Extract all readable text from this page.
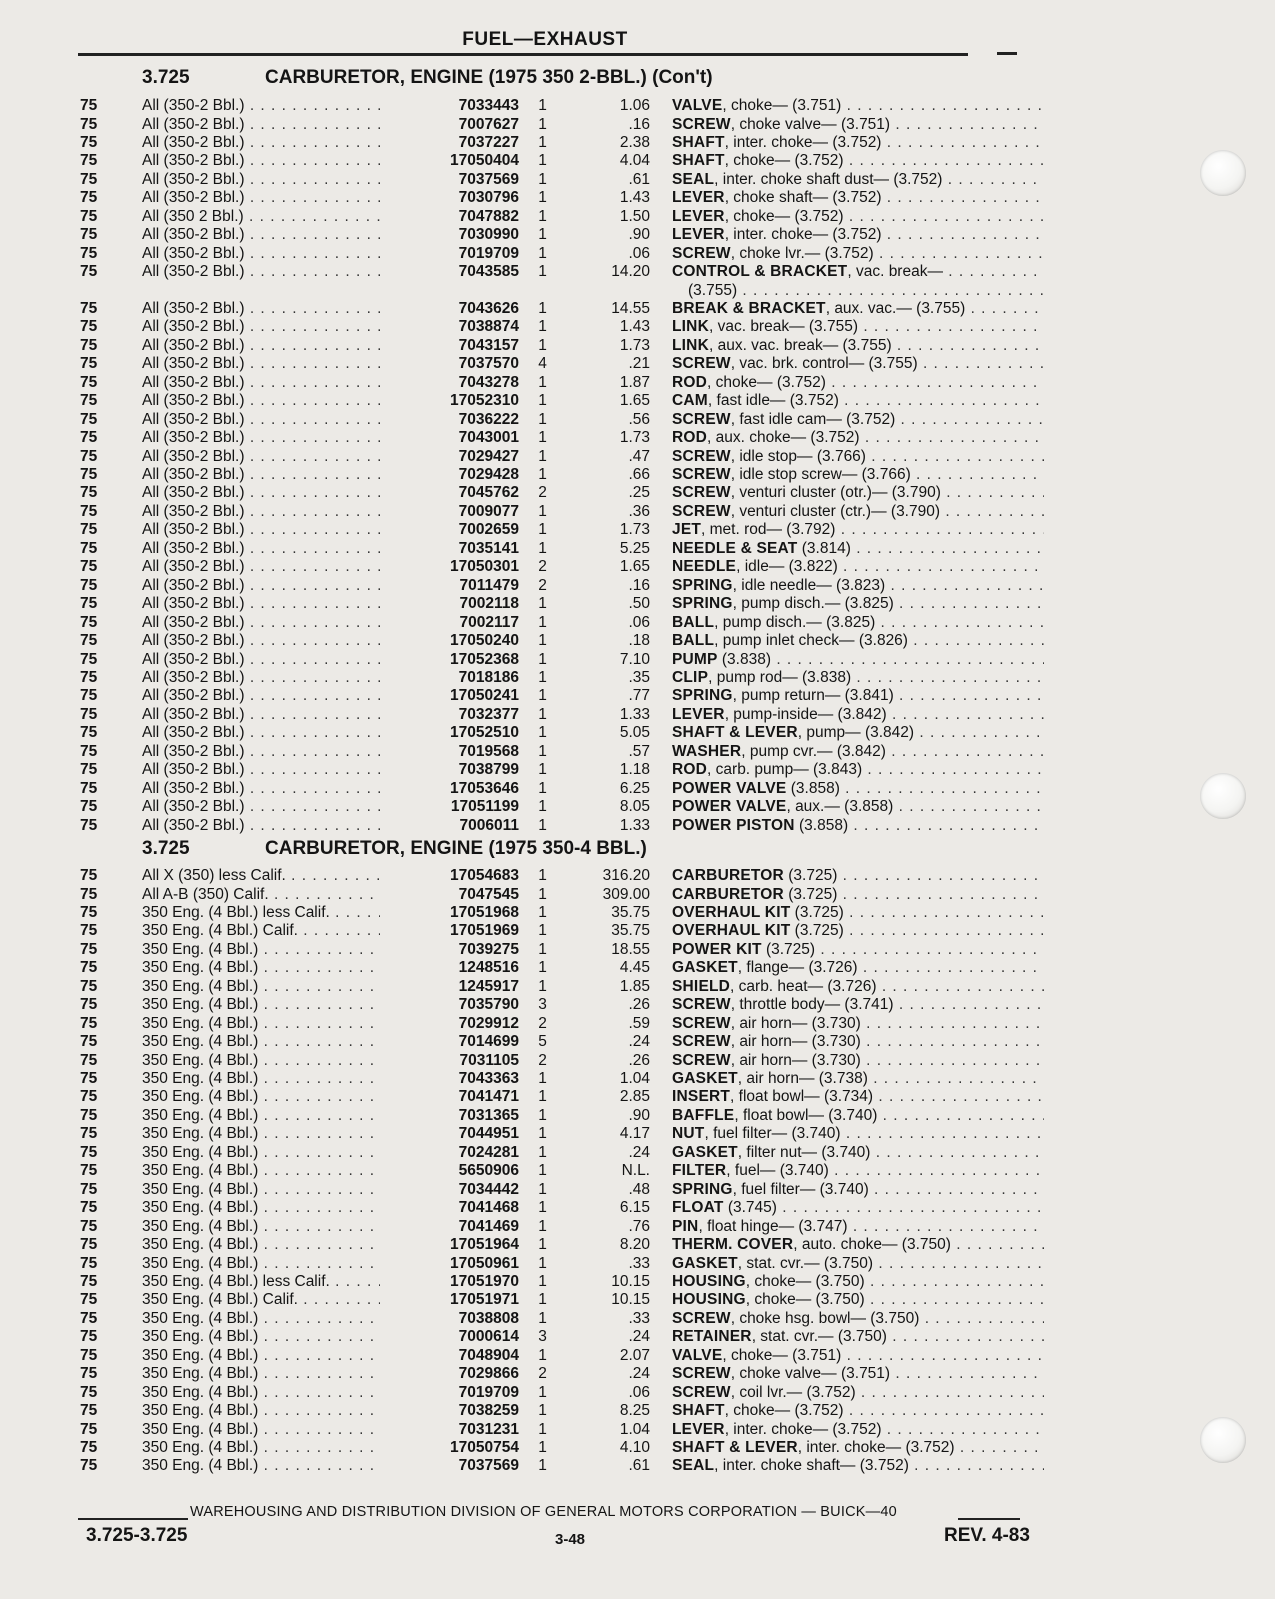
FUEL—EXHAUST
3.725	CARBURETOR, ENGINE (1975 350 2-BBL.) (Con't)
75	All (350-2 Bbl.) . . .	7033443 1	1.06 VALVE, choke— (3.751) . . .
75	All (350-2 Bbl.) . . .	7007627 1	.16 SCREW, choke valve— (3.751) . . .
75	All (350-2 Bbl.) . . .	7037227 1	2.38 SHAFT, inter. choke— (3.752) . . .
75	All (350-2 Bbl.) . . .	17050404 1	4.04 SHAFT, choke— (3.752) . . .
75	All (350-2 Bbl.) . . .	7037569 1	.61 SEAL, inter. choke shaft dust— (3.752) . . .
75	All (350-2 Bbl.) . . .	7030796 1	1.43 LEVER, choke shaft— (3.752) . . .
75	All (350 2 Bbl.) . . .	7047882 1	1.50 LEVER, choke— (3.752) . . .
75	All (350-2 Bbl.) . . .	7030990 1	.90 LEVER, inter. choke— (3.752) . . .
75	All (350-2 Bbl.) . . .	7019709 1	.06 SCREW, choke lvr.— (3.752) . . .
75	All (350-2 Bbl.) . . .	7043585 1	14.20 CONTROL & BRACKET, vac. break— . . .
(3.755) . . .
75	All (350-2 Bbl.) . . .	7043626 1	14.55 BREAK & BRACKET, aux. vac.— (3.755) . . .
75	All (350-2 Bbl.) . . .	7038874 1	1.43 LINK, vac. break— (3.755) . . .
75	All (350-2 Bbl.) . . .	7043157 1	1.73 LINK, aux. vac. break— (3.755) . . .
75	All (350-2 Bbl.) . . .	7037570 4	.21 SCREW, vac. brk. control— (3.755) . . .
75	All (350-2 Bbl.) . . .	7043278 1	1.87 ROD, choke— (3.752) . . .
75	All (350-2 Bbl.) . . .	17052310 1	1.65 CAM, fast idle— (3.752) . . .
75	All (350-2 Bbl.) . . .	7036222 1	.56 SCREW, fast idle cam— (3.752) . . .
75	All (350-2 Bbl.) . . .	7043001 1	1.73 ROD, aux. choke— (3.752) . . .
75	All (350-2 Bbl.) . . .	7029427 1	.47 SCREW, idle stop— (3.766) . . .
75	All (350-2 Bbl.) . . .	7029428 1	.66 SCREW, idle stop screw— (3.766) . . .
75	All (350-2 Bbl.) . . .	7045762 2	.25 SCREW, venturi cluster (otr.)— (3.790) . . .
75	All (350-2 Bbl.) . . .	7009077 1	.36 SCREW, venturi cluster (ctr.)— (3.790) . . .
75	All (350-2 Bbl.) . . .	7002659 1	1.73 JET, met. rod— (3.792) . . .
75	All (350-2 Bbl.) . . .	7035141 1	5.25 NEEDLE & SEAT (3.814) . . .
75	All (350-2 Bbl.) . . .	17050301 2	1.65 NEEDLE, idle— (3.822) . . .
75	All (350-2 Bbl.) . . .	7011479 2	.16 SPRING, idle needle— (3.823) . . .
75	All (350-2 Bbl.) . . .	7002118 1	.50 SPRING, pump disch.— (3.825) . . .
75	All (350-2 Bbl.) . . .	7002117 1	.06 BALL, pump disch.— (3.825) . . .
75	All (350-2 Bbl.) . . .	17050240 1	.18 BALL, pump inlet check— (3.826) . . .
75	All (350-2 Bbl.) . . .	17052368 1	7.10 PUMP (3.838) . . .
75	All (350-2 Bbl.) . . .	7018186 1	.35 CLIP, pump rod— (3.838) . . .
75	All (350-2 Bbl.) . . .	17050241 1	.77 SPRING, pump return— (3.841) . . .
75	All (350-2 Bbl.) . . .	7032377 1	1.33 LEVER, pump-inside— (3.842) . . .
75	All (350-2 Bbl.) . . .	17052510 1	5.05 SHAFT & LEVER, pump— (3.842) . . .
75	All (350-2 Bbl.) . . .	7019568 1	.57 WASHER, pump cvr.— (3.842) . . .
75	All (350-2 Bbl.) . . .	7038799 1	1.18 ROD, carb. pump— (3.843) . . .
75	All (350-2 Bbl.) . . .	17053646 1	6.25 POWER VALVE (3.858) . . .
75	All (350-2 Bbl.) . . .	17051199 1	8.05 POWER VALVE, aux.— (3.858) . . .
75	All (350-2 Bbl.) . . .	7006011 1	1.33 POWER PISTON (3.858) . . .
3.725	CARBURETOR, ENGINE (1975 350-4 BBL.)
75	All X (350) less Calif. . . .	17054683 1	316.20 CARBURETOR (3.725) . . .
75	All A-B (350) Calif. . . .	7047545 1	309.00 CARBURETOR (3.725) . . .
75	350 Eng. (4 Bbl.) less Calif. . . .	17051968 1	35.75 OVERHAUL KIT (3.725) . . .
75	350 Eng. (4 Bbl.) Calif. . . .	17051969 1	35.75 OVERHAUL KIT (3.725) . . .
75	350 Eng. (4 Bbl.) . . .	7039275 1	18.55 POWER KIT (3.725) . . .
75	350 Eng. (4 Bbl.) . . .	1248516 1	4.45 GASKET, flange— (3.726) . . .
75	350 Eng. (4 Bbl.) . . .	1245917 1	1.85 SHIELD, carb. heat— (3.726) . . .
75	350 Eng. (4 Bbl.) . . .	7035790 3	.26 SCREW, throttle body— (3.741) . . .
75	350 Eng. (4 Bbl.) . . .	7029912 2	.59 SCREW, air horn— (3.730) . . .
75	350 Eng. (4 Bbl.) . . .	7014699 5	.24 SCREW, air horn— (3.730) . . .
75	350 Eng. (4 Bbl.) . . .	7031105 2	.26 SCREW, air horn— (3.730) . . .
75	350 Eng. (4 Bbl.) . . .	7043363 1	1.04 GASKET, air horn— (3.738) . . .
75	350 Eng. (4 Bbl.) . . .	7041471 1	2.85 INSERT, float bowl— (3.734) . . .
75	350 Eng. (4 Bbl.) . . .	7031365 1	.90 BAFFLE, float bowl— (3.740) . . .
75	350 Eng. (4 Bbl.) . . .	7044951 1	4.17 NUT, fuel filter— (3.740) . . .
75	350 Eng. (4 Bbl.) . . .	7024281 1	.24 GASKET, filter nut— (3.740) . . .
75	350 Eng. (4 Bbl.) . . .	5650906 1	N.L. FILTER, fuel— (3.740) . . .
75	350 Eng. (4 Bbl.) . . .	7034442 1	.48 SPRING, fuel filter— (3.740) . . .
75	350 Eng. (4 Bbl.) . . .	7041468 1	6.15 FLOAT (3.745) . . .
75	350 Eng. (4 Bbl.) . . .	7041469 1	.76 PIN, float hinge— (3.747) . . .
75	350 Eng. (4 Bbl.) . . .	17051964 1	8.20 THERM. COVER, auto. choke— (3.750) . . .
75	350 Eng. (4 Bbl.) . . .	17050961 1	.33 GASKET, stat. cvr.— (3.750) . . .
75	350 Eng. (4 Bbl.) less Calif. . . .	17051970 1	10.15 HOUSING, choke— (3.750) . . .
75	350 Eng. (4 Bbl.) Calif. . . .	17051971 1	10.15 HOUSING, choke— (3.750) . . .
75	350 Eng. (4 Bbl.) . . .	7038808 1	.33 SCREW, choke hsg. bowl— (3.750) . . .
75	350 Eng. (4 Bbl.) . . .	7000614 3	.24 RETAINER, stat. cvr.— (3.750) . . .
75	350 Eng. (4 Bbl.) . . .	7048904 1	2.07 VALVE, choke— (3.751) . . .
75	350 Eng. (4 Bbl.) . . .	7029866 2	.24 SCREW, choke valve— (3.751) . . .
75	350 Eng. (4 Bbl.) . . .	7019709 1	.06 SCREW, coil lvr.— (3.752) . . .
75	350 Eng. (4 Bbl.) . . .	7038259 1	8.25 SHAFT, choke— (3.752) . . .
75	350 Eng. (4 Bbl.) . . .	7031231 1	1.04 LEVER, inter. choke— (3.752) . . .
75	350 Eng. (4 Bbl.) . . .	17050754 1	4.10 SHAFT & LEVER, inter. choke— (3.752) . . .
75	350 Eng. (4 Bbl.) . . .	7037569 1	.61 SEAL, inter. choke shaft— (3.752) . . .
WAREHOUSING AND DISTRIBUTION DIVISION OF GENERAL MOTORS CORPORATION — BUICK—40
3.725-3.725	3-48	REV. 4-83
